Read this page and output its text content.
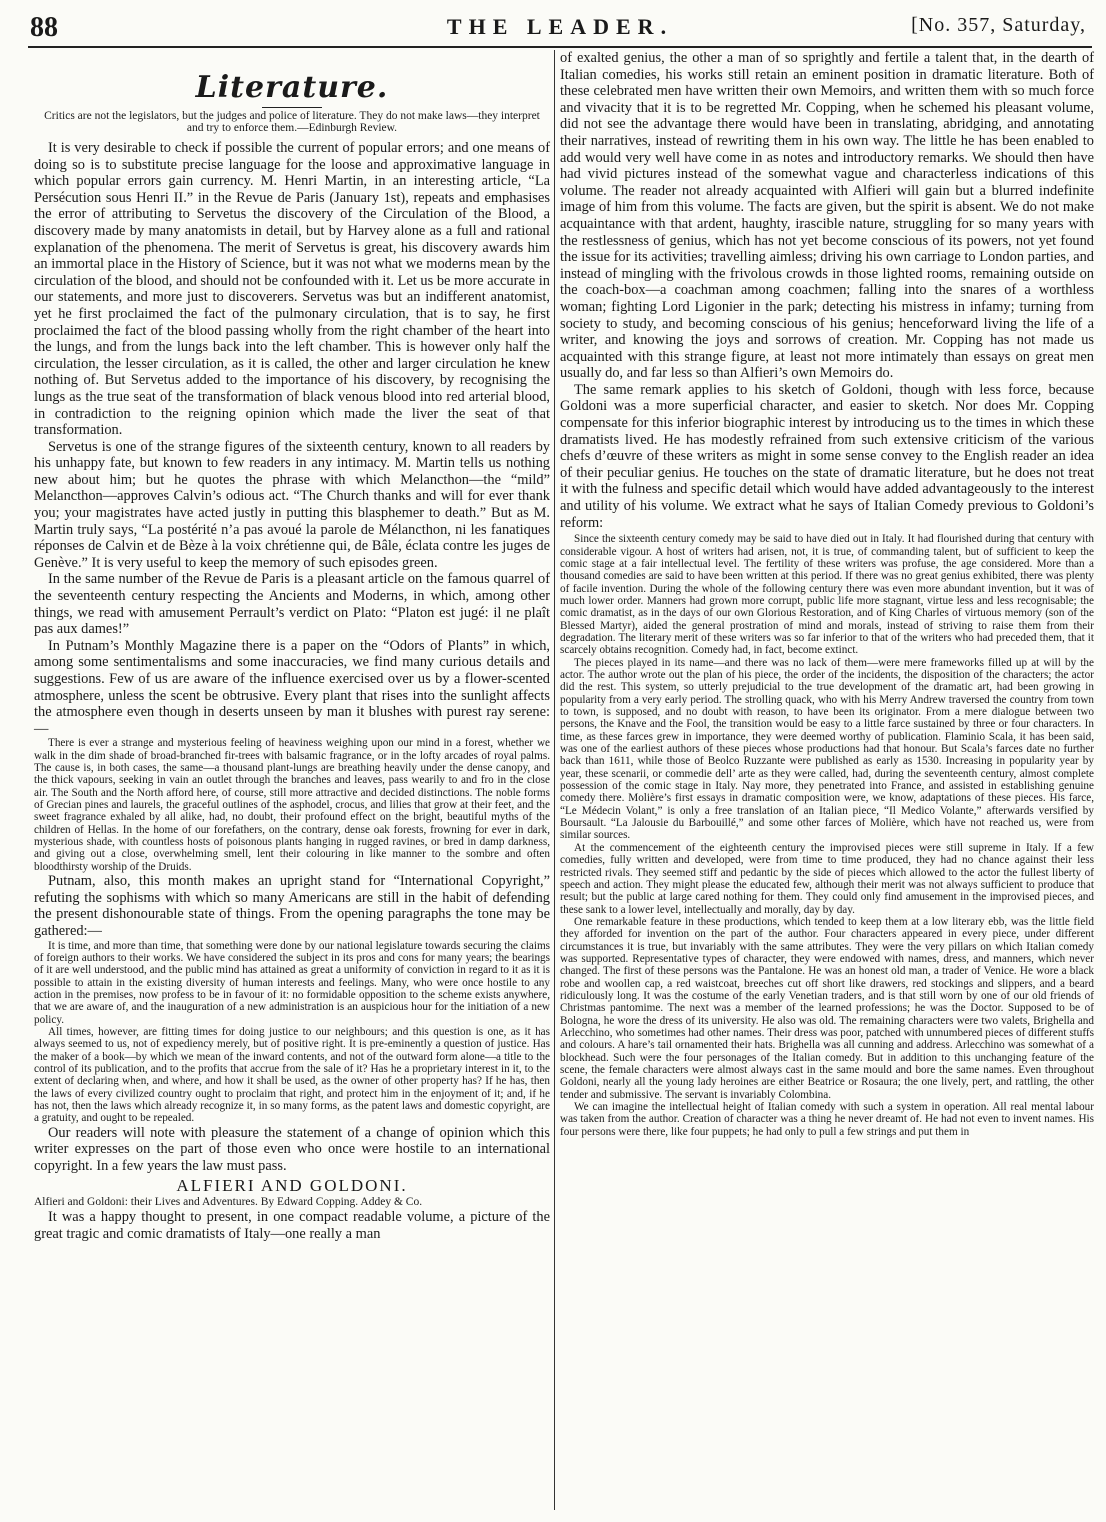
88	THE LEADER.	[No. 357, Saturday,
Literature.
Critics are not the legislators, but the judges and police of literature. They do not make laws—they interpret and try to enforce them.—Edinburgh Review.

It is very desirable to check if possible the current of popular errors; and one means of doing so is to substitute precise language for the loose and approximative language in which popular errors gain currency. M. Henri Martin, in an interesting article, “La Persécution sous Henri II.” in the Revue de Paris (January 1st), repeats and emphasises the error of attributing to Servetus the discovery of the Circulation of the Blood, a discovery made by many anatomists in detail, but by Harvey alone as a full and rational explanation of the phenomena. The merit of Servetus is great, his discovery awards him an immortal place in the History of Science, but it was not what we moderns mean by the circulation of the blood, and should not be confounded with it. Let us be more accurate in our statements, and more just to discoverers. Servetus was but an indifferent anatomist, yet he first proclaimed the fact of the pulmonary circulation, that is to say, he first proclaimed the fact of the blood passing wholly from the right chamber of the heart into the lungs, and from the lungs back into the left chamber. This is however only half the circulation, the lesser circulation, as it is called, the other and larger circulation he knew nothing of. But Servetus added to the importance of his discovery, by recognising the lungs as the true seat of the transformation of black venous blood into red arterial blood, in contradiction to the reigning opinion which made the liver the seat of that transformation.

Servetus is one of the strange figures of the sixteenth century, known to all readers by his unhappy fate, but known to few readers in any intimacy. M. Martin tells us nothing new about him; but he quotes the phrase with which Melancthon—the “mild” Melancthon—approves Calvin’s odious act. “The Church thanks and will for ever thank you; your magistrates have acted justly in putting this blasphemer to death.” But as M. Martin truly says, “La postérité n’a pas avoué la parole de Mélancthon, ni les fanatiques réponses de Calvin et de Bèze à la voix chrétienne qui, de Bâle, éclata contre les juges de Genève.” It is very useful to keep the memory of such episodes green.

In the same number of the Revue de Paris is a pleasant article on the famous quarrel of the seventeenth century respecting the Ancients and Moderns, in which, among other things, we read with amusement Perrault’s verdict on Plato: “Platon est jugé: il ne plaît pas aux dames!”

In Putnam’s Monthly Magazine there is a paper on the “Odors of Plants” in which, among some sentimentalisms and some inaccuracies, we find many curious details and suggestions. Few of us are aware of the influence exercised over us by a flower-scented atmosphere, unless the scent be obtrusive. Every plant that rises into the sunlight affects the atmosphere even though in deserts unseen by man it blushes with purest ray serene:—

There is ever a strange and mysterious feeling of heaviness weighing upon our mind in a forest, whether we walk in the dim shade of broad-branched fir-trees with balsamic fragrance, or in the lofty arcades of royal palms. The cause is, in both cases, the same—a thousand plant-lungs are breathing heavily under the dense canopy, and the thick vapours, seeking in vain an outlet through the branches and leaves, pass wearily to and fro in the close air. The South and the North afford here, of course, still more attractive and decided distinctions. The noble forms of Grecian pines and laurels, the graceful outlines of the asphodel, crocus, and lilies that grow at their feet, and the sweet fragrance exhaled by all alike, had, no doubt, their profound effect on the bright, beautiful myths of the children of Hellas. In the home of our forefathers, on the contrary, dense oak forests, frowning for ever in dark, mysterious shade, with countless hosts of poisonous plants hanging in rugged ravines, or bred in damp darkness, and giving out a close, overwhelming smell, lent their colouring in like manner to the sombre and often bloodthirsty worship of the Druids.

Putnam, also, this month makes an upright stand for “International Copyright,” refuting the sophisms with which so many Americans are still in the habit of defending the present dishonourable state of things. From the opening paragraphs the tone may be gathered:—

It is time, and more than time, that something were done by our national legislature towards securing the claims of foreign authors to their works. We have considered the subject in its pros and cons for many years; the bearings of it are well understood, and the public mind has attained as great a uniformity of conviction in regard to it as it is possible to attain in the existing diversity of human interests and feelings. Many, who were once hostile to any action in the premises, now profess to be in favour of it: no formidable opposition to the scheme exists anywhere, that we are aware of, and the inauguration of a new administration is an auspicious hour for the initiation of a new policy.

All times, however, are fitting times for doing justice to our neighbours; and this question is one, as it has always seemed to us, not of expediency merely, but of positive right. It is pre-eminently a question of justice. Has the maker of a book—by which we mean of the inward contents, and not of the outward form alone—a title to the control of its publication, and to the profits that accrue from the sale of it? Has he a proprietary interest in it, to the extent of declaring when, and where, and how it shall be used, as the owner of other property has? If he has, then the laws of every civilized country ought to proclaim that right, and protect him in the enjoyment of it; and, if he has not, then the laws which already recognize it, in so many forms, as the patent laws and domestic copyright, are a gratuity, and ought to be repealed.

Our readers will note with pleasure the statement of a change of opinion which this writer expresses on the part of those even who once were hostile to an international copyright. In a few years the law must pass.

ALFIERI AND GOLDONI.

Alfieri and Goldoni: their Lives and Adventures. By Edward Copping. Addey & Co.

It was a happy thought to present, in one compact readable volume, a picture of the great tragic and comic dramatists of Italy—one really a man

of exalted genius, the other a man of so sprightly and fertile a talent that, in the dearth of Italian comedies, his works still retain an eminent position in dramatic literature. Both of these celebrated men have written their own Memoirs, and written them with so much force and vivacity that it is to be regretted Mr. Copping, when he schemed his pleasant volume, did not see the advantage there would have been in translating, abridging, and annotating their narratives, instead of rewriting them in his own way. The little he has been enabled to add would very well have come in as notes and introductory remarks. We should then have had vivid pictures instead of the somewhat vague and characterless indications of this volume. The reader not already acquainted with Alfieri will gain but a blurred indefinite image of him from this volume. The facts are given, but the spirit is absent. We do not make acquaintance with that ardent, haughty, irascible nature, struggling for so many years with the restlessness of genius, which has not yet become conscious of its powers, not yet found the issue for its activities; travelling aimless; driving his own carriage to London parties, and instead of mingling with the frivolous crowds in those lighted rooms, remaining outside on the coach-box—a coachman among coachmen; falling into the snares of a worthless woman; fighting Lord Ligonier in the park; detecting his mistress in infamy; turning from society to study, and becoming conscious of his genius; henceforward living the life of a writer, and knowing the joys and sorrows of creation. Mr. Copping has not made us acquainted with this strange figure, at least not more intimately than essays on great men usually do, and far less so than Alfieri’s own Memoirs do.

The same remark applies to his sketch of Goldoni, though with less force, because Goldoni was a more superficial character, and easier to sketch. Nor does Mr. Copping compensate for this inferior biographic interest by introducing us to the times in which these dramatists lived. He has modestly refrained from such extensive criticism of the various chefs d’œuvre of these writers as might in some sense convey to the English reader an idea of their peculiar genius. He touches on the state of dramatic literature, but he does not treat it with the fulness and specific detail which would have added advantageously to the interest and utility of his volume. We extract what he says of Italian Comedy previous to Goldoni’s reform:

Since the sixteenth century comedy may be said to have died out in Italy. It had flourished during that century with considerable vigour. A host of writers had arisen, not, it is true, of commanding talent, but of sufficient to keep the comic stage at a fair intellectual level. The fertility of these writers was profuse, the age considered. More than a thousand comedies are said to have been written at this period. If there was no great genius exhibited, there was plenty of facile invention. During the whole of the following century there was even more abundant invention, but it was of much lower order. Manners had grown more corrupt, public life more stagnant, virtue less and less recognisable; the comic dramatist, as in the days of our own Glorious Restoration, and of King Charles of virtuous memory (son of the Blessed Martyr), aided the general prostration of mind and morals, instead of striving to raise them from their degradation. The literary merit of these writers was so far inferior to that of the writers who had preceded them, that it scarcely obtains recognition. Comedy had, in fact, become extinct.

The pieces played in its name—and there was no lack of them—were mere frameworks filled up at will by the actor. The author wrote out the plan of his piece, the order of the incidents, the disposition of the characters; the actor did the rest. This system, so utterly prejudicial to the true development of the dramatic art, had been growing in popularity from a very early period. The strolling quack, who with his Merry Andrew traversed the country from town to town, is supposed, and no doubt with reason, to have been its originator. From a mere dialogue between two persons, the Knave and the Fool, the transition would be easy to a little farce sustained by three or four characters. In time, as these farces grew in importance, they were deemed worthy of publication. Flaminio Scala, it has been said, was one of the earliest authors of these pieces whose productions had that honour. But Scala’s farces date no further back than 1611, while those of Beolco Ruzzante were published as early as 1530. Increasing in popularity year by year, these scenarii, or commedie dell’ arte as they were called, had, during the seventeenth century, almost complete possession of the comic stage in Italy. Nay more, they penetrated into France, and assisted in establishing genuine comedy there. Molière’s first essays in dramatic composition were, we know, adaptations of these pieces. His farce, “Le Médecin Volant,” is only a free translation of an Italian piece, “Il Medico Volante,” afterwards versified by Boursault. “La Jalousie du Barbouillé,” and some other farces of Molière, which have not reached us, were from similar sources.

At the commencement of the eighteenth century the improvised pieces were still supreme in Italy. If a few comedies, fully written and developed, were from time to time produced, they had no chance against their less restricted rivals. They seemed stiff and pedantic by the side of pieces which allowed to the actor the fullest liberty of speech and action. They might please the educated few, although their merit was not always sufficient to produce that result; but the public at large cared nothing for them. They could only find amusement in the improvised pieces, and these sank to a lower level, intellectually and morally, day by day.

One remarkable feature in these productions, which tended to keep them at a low literary ebb, was the little field they afforded for invention on the part of the author. Four characters appeared in every piece, under different circumstances it is true, but invariably with the same attributes. They were the very pillars on which Italian comedy was supported. Representative types of character, they were endowed with names, dress, and manners, which never changed. The first of these persons was the Pantalone. He was an honest old man, a trader of Venice. He wore a black robe and woollen cap, a red waistcoat, breeches cut off short like drawers, red stockings and slippers, and a beard ridiculously long. It was the costume of the early Venetian traders, and is that still worn by one of our old friends of Christmas pantomime. The next was a member of the learned professions; he was the Doctor. Supposed to be of Bologna, he wore the dress of its university. He also was old. The remaining characters were two valets, Brighella and Arlecchino, who sometimes had other names. Their dress was poor, patched with unnumbered pieces of different stuffs and colours. A hare’s tail ornamented their hats. Brighella was all cunning and address. Arlecchino was somewhat of a blockhead. Such were the four personages of the Italian comedy. But in addition to this unchanging feature of the scene, the female characters were almost always cast in the same mould and bore the same names. Even throughout Goldoni, nearly all the young lady heroines are either Beatrice or Rosaura; the one lively, pert, and rattling, the other tender and submissive. The servant is invariably Colombina.

We can imagine the intellectual height of Italian comedy with such a system in operation. All real mental labour was taken from the author. Creation of character was a thing he never dreamt of. He had not even to invent names. His four persons were there, like four puppets; he had only to pull a few strings and put them in
